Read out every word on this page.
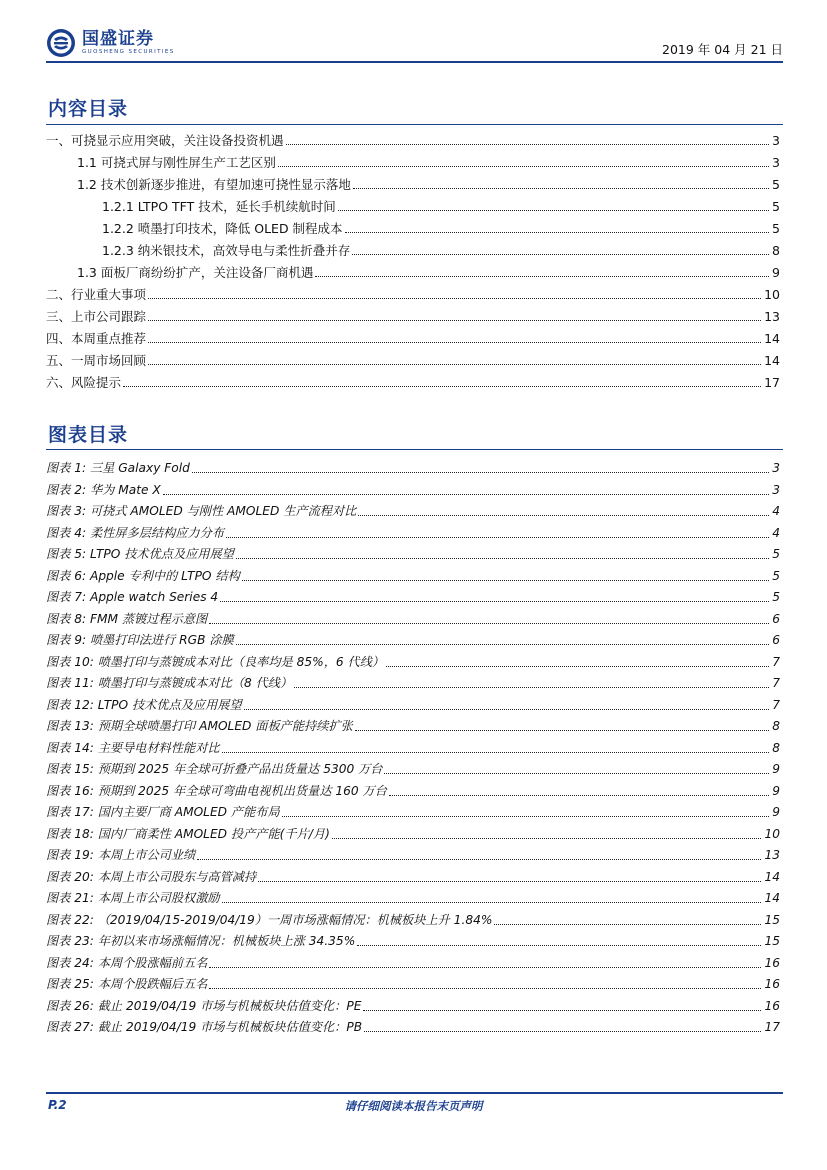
国盛证券
GUOSHENG SECURITIES	2019 年 04 月 21 日
内容目录
一、可挠显示应用突破，关注设备投资机遇	3
1.1 可挠式屏与刚性屏生产工艺区别	3
1.2 技术创新逐步推进，有望加速可挠性显示落地	5
1.2.1 LTPO TFT 技术，延长手机续航时间	5
1.2.2 喷墨打印技术，降低 OLED 制程成本	5
1.2.3 纳米银技术，高效导电与柔性折叠并存	8
1.3 面板厂商纷纷扩产，关注设备厂商机遇	9
二、行业重大事项	10
三、上市公司跟踪	13
四、本周重点推荐	14
五、一周市场回顾	14
六、风险提示	17
图表目录
图表 1: 三星 Galaxy Fold	3
图表 2: 华为 Mate X	3
图表 3: 可挠式 AMOLED 与刚性 AMOLED 生产流程对比	4
图表 4: 柔性屏多层结构应力分布	4
图表 5: LTPO 技术优点及应用展望	5
图表 6: Apple 专利中的 LTPO 结构	5
图表 7: Apple watch Series 4	5
图表 8: FMM 蒸镀过程示意图	6
图表 9: 喷墨打印法进行 RGB 涂膜	6
图表 10: 喷墨打印与蒸镀成本对比（良率均是 85%，6 代线）	7
图表 11: 喷墨打印与蒸镀成本对比（8 代线）	7
图表 12: LTPO 技术优点及应用展望	7
图表 13: 预期全球喷墨打印 AMOLED 面板产能持续扩张	8
图表 14: 主要导电材料性能对比	8
图表 15: 预期到 2025 年全球可折叠产品出货量达 5300 万台	9
图表 16: 预期到 2025 年全球可弯曲电视机出货量达 160 万台	9
图表 17: 国内主要厂商 AMOLED 产能布局	9
图表 18: 国内厂商柔性 AMOLED 投产产能(千片/月)	10
图表 19: 本周上市公司业绩	13
图表 20: 本周上市公司股东与高管减持	14
图表 21: 本周上市公司股权激励	14
图表 22: （2019/04/15-2019/04/19）一周市场涨幅情况：机械板块上升 1.84%	15
图表 23: 年初以来市场涨幅情况：机械板块上涨 34.35%	15
图表 24: 本周个股涨幅前五名	16
图表 25: 本周个股跌幅后五名	16
图表 26: 截止 2019/04/19 市场与机械板块估值变化：PE	16
图表 27: 截止 2019/04/19 市场与机械板块估值变化：PB	17
P.2	请仔细阅读本报告末页声明
